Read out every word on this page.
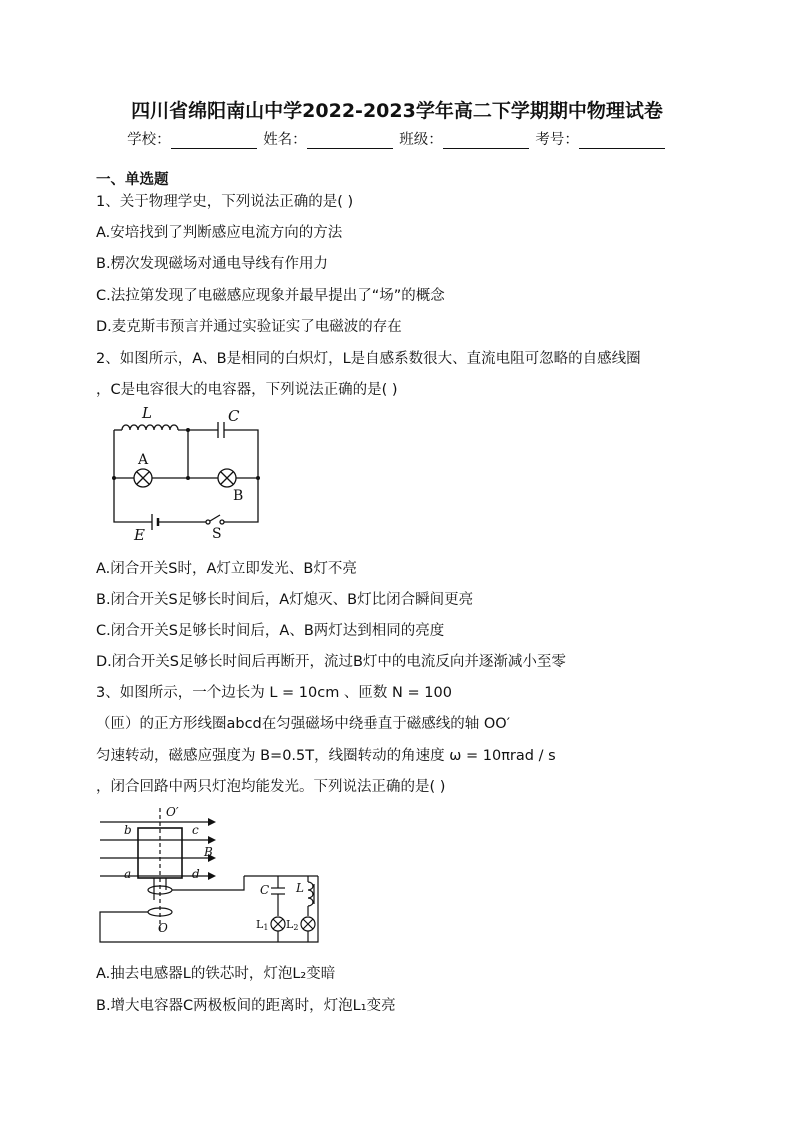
四川省绵阳南山中学2022-2023学年高二下学期期中物理试卷
学校：	姓名：	班级：	考号：
一、单选题
1、关于物理学史，下列说法正确的是( )
A.安培找到了判断感应电流方向的方法
B.楞次发现磁场对通电导线有作用力
C.法拉第发现了电磁感应现象并最早提出了“场”的概念
D.麦克斯韦预言并通过实验证实了电磁波的存在
2、如图所示，A、B是相同的白炽灯，L是自感系数很大、直流电阻可忽略的自感线圈
，C是电容很大的电容器，下列说法正确的是( )
L	C
E
A
B
S
A.闭合开关S时，A灯立即发光、B灯不亮
B.闭合开关S足够长时间后，A灯熄灭、B灯比闭合瞬间更亮
C.闭合开关S足够长时间后，A、B两灯达到相同的亮度
D.闭合开关S足够长时间后再断开，流过B灯中的电流反向并逐渐减小至零
3、如图所示，一个边长为 L = 10cm 、匝数 N = 100
（匝）的正方形线圈abcd在匀强磁场中绕垂直于磁感线的轴 OO′
匀速转动，磁感应强度为 B=0.5T，线圈转动的角速度 ω = 10πrad / s
，闭合回路中两只灯泡均能发光。下列说法正确的是( )
O′
b	c
a	d
B
O
C L
L1 L2
A.抽去电感器L的铁芯时，灯泡L₂变暗
B.增大电容器C两极板间的距离时，灯泡L₁变亮
